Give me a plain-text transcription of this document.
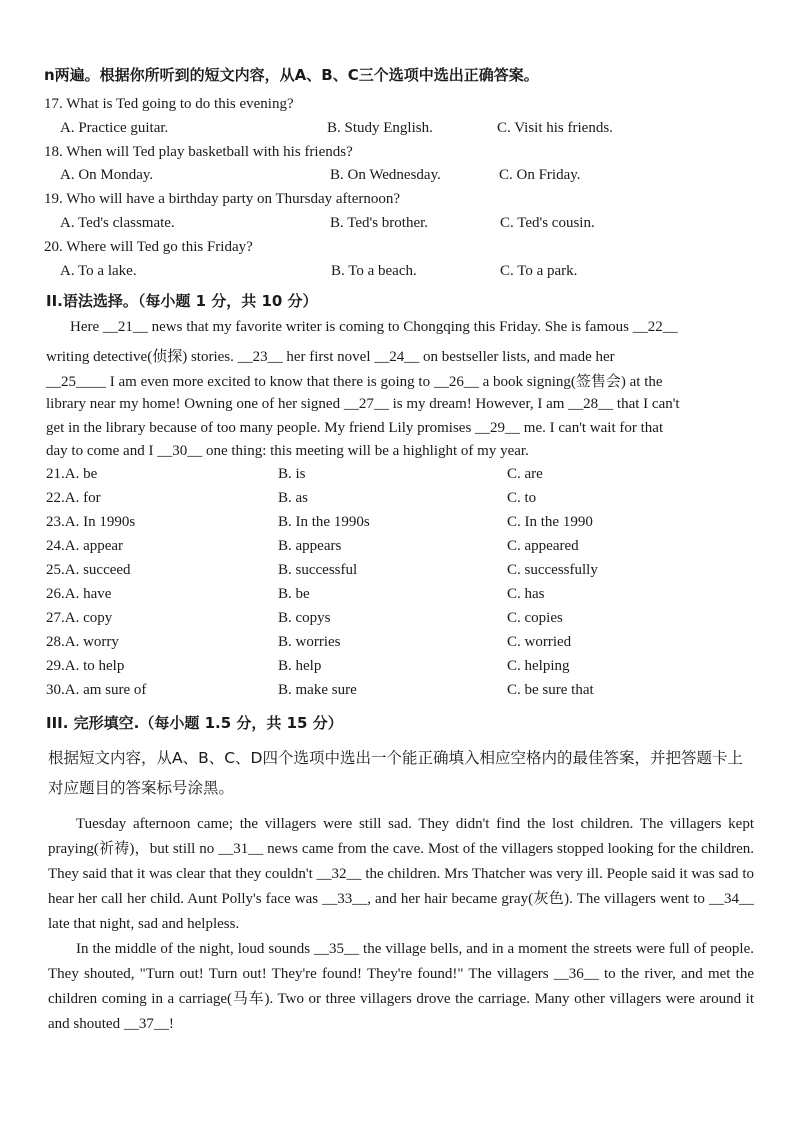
n两遍。根据你所听到的短文内容，从A、B、C三个选项中选出正确答案。
17. What is Ted going to do this evening?
A. Practice guitar.	B. Study English.	C. Visit his friends.
18. When will Ted play basketball with his friends?
A. On Monday.	B. On Wednesday.	C. On Friday.
19. Who will have a birthday party on Thursday afternoon?
A. Ted's classmate.	B. Ted's brother.	C. Ted's cousin.
20. Where will Ted go this Friday?
A. To a lake.	B. To a beach.	C. To a park.
II.语法选择。（每小题 1 分，共 10 分）
Here __21__ news that my favorite writer is coming to Chongqing this Friday. She is famous __22__
writing detective(侦探) stories. __23__ her first novel __24__ on bestseller lists, and made her
__25____ I am even more excited to know that there is going to __26__ a book signing(签售会) at the
library near my home! Owning one of her signed __27__ is my dream! However, I am __28__ that I can't
get in the library because of too many people. My friend Lily promises __29__ me. I can't wait for that
day to come and I __30__ one thing: this meeting will be a highlight of my year.
21.A. be	B. is	C. are
22.A. for	B. as	C. to
23.A. In 1990s	B. In the 1990s	C. In the 1990
24.A. appear	B. appears	C. appeared
25.A. succeed	B. successful	C. successfully
26.A. have	B. be	C. has
27.A. copy	B. copys	C. copies
28.A. worry	B. worries	C. worried
29.A. to help	B. help	C. helping
30.A. am sure of	B. make sure	C. be sure that
III. 完形填空.（每小题 1.5 分，共 15 分）
根据短文内容，从A、B、C、D四个选项中选出一个能正确填入相应空格内的最佳答案，并把答题卡上对应题目的答案标号涂黑。

Tuesday afternoon came; the villagers were still sad. They didn't find the lost children. The villagers kept praying(祈祷)，but still no __31__ news came from the cave. Most of the villagers stopped looking for the children. They said that it was clear that they couldn't __32__ the children. Mrs Thatcher was very ill. People said it was sad to hear her call her child. Aunt Polly's face was __33__, and her hair became gray(灰色). The villagers went to __34__ late that night, sad and helpless.

In the middle of the night, loud sounds __35__ the village bells, and in a moment the streets were full of people. They shouted, "Turn out! Turn out! They're found! They're found!" The villagers __36__ to the river, and met the children coming in a carriage(马车). Two or three villagers drove the carriage. Many other villagers were around it and shouted __37__!
